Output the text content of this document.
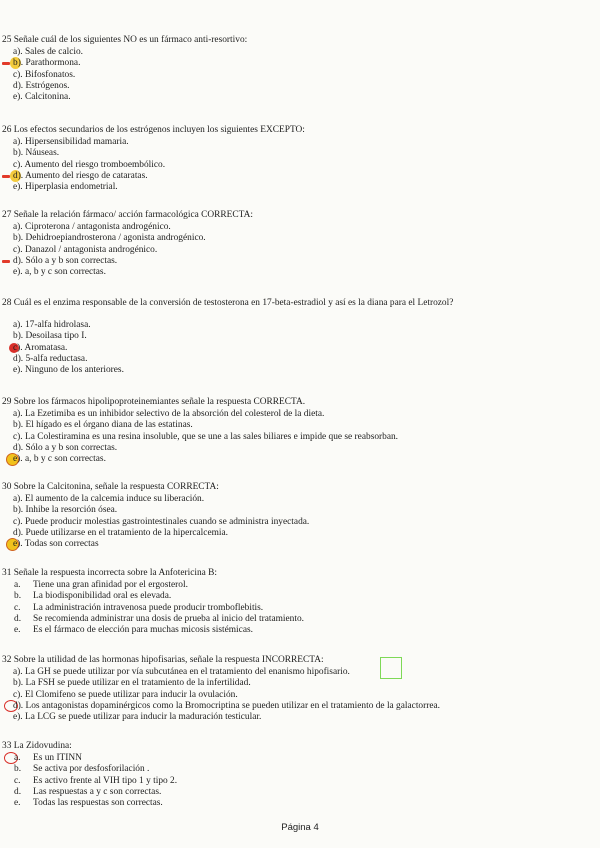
25 Señale cuál de los siguientes NO es un fármaco anti-resortivo:
a). Sales de calcio.
b). Parathormona.
c). Bifosfonatos.
d). Estrógenos.
e). Calcitonina.
26 Los efectos secundarios de los estrógenos incluyen los siguientes EXCEPTO:
a). Hipersensibilidad mamaria.
b). Náuseas.
c). Aumento del riesgo tromboembólico.
d). Aumento del riesgo de cataratas.
e). Hiperplasia endometrial.
27 Señale la relación fármaco/ acción farmacológica CORRECTA:
a). Ciproterona / antagonista androgénico.
b). Dehidroepiandrosterona / agonista androgénico.
c). Danazol / antagonista androgénico.
d). Sólo a y b son correctas.
e). a, b y c son correctas.
28 Cuál es el enzima responsable de la conversión de testosterona en 17-beta-estradiol y así es la diana para el Letrozol?
a). 17-alfa hidrolasa.
b). Desoilasa tipo I.
c). Aromatasa.
d). 5-alfa reductasa.
e). Ninguno de los anteriores.
29 Sobre los fármacos hipolipoproteinemiantes señale la respuesta CORRECTA.
a). La Ezetimiba es un inhibidor selectivo de la absorción del colesterol de la dieta.
b). El hígado es el órgano diana de las estatinas.
c). La Colestiramina es una resina insoluble, que se une a las sales biliares e impide que se reabsorban.
d). Sólo a y b son correctas.
e). a, b y c son correctas.
30 Sobre la Calcitonina, señale la respuesta CORRECTA:
a). El aumento de la calcemia induce su liberación.
b). Inhibe la resorción ósea.
c). Puede producir molestias gastrointestinales cuando se administra inyectada.
d). Puede utilizarse en el tratamiento de la hipercalcemia.
e). Todas son correctas
31 Señale la respuesta incorrecta sobre la Anfotericina B:
a. Tiene una gran afinidad por el ergosterol.
b. La biodisponibilidad oral es elevada.
c. La administración intravenosa puede producir tromboflebitis.
d. Se recomienda administrar una dosis de prueba al inicio del tratamiento.
e. Es el fármaco de elección para muchas micosis sistémicas.
32 Sobre la utilidad de las hormonas hipofisarias, señale la respuesta INCORRECTA:
a). La GH se puede utilizar por vía subcutánea en el tratamiento del enanismo hipofisario.
b). La FSH se puede utilizar en el tratamiento de la infertilidad.
c). El Clomifeno se puede utilizar para inducir la ovulación.
d). Los antagonistas dopaminérgicos como la Bromocriptina se pueden utilizar en el tratamiento de la galactorrea.
e). La LCG se puede utilizar para inducir la maduración testicular.
33 La Zidovudina:
a. Es un ITINN
b. Se activa por desfosforilación .
c. Es activo frente al VIH tipo 1 y tipo 2.
d. Las respuestas a y c son correctas.
e. Todas las respuestas son correctas.
Página 4
